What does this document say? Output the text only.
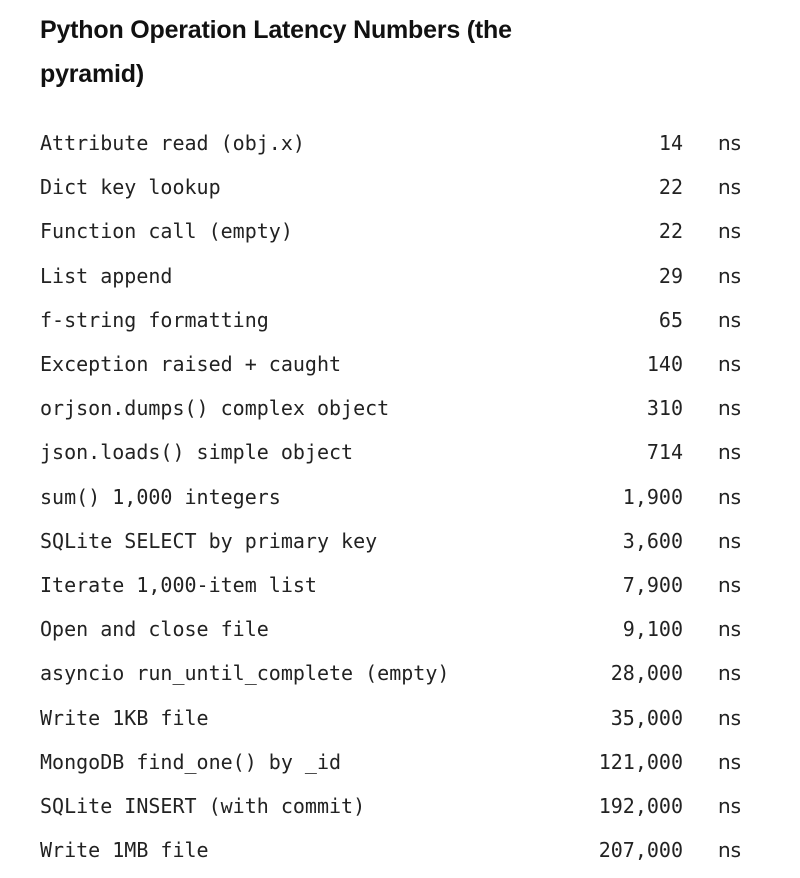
Python Operation Latency Numbers (the pyramid)
Attribute read (obj.x)	14 ns
Dict key lookup	22 ns
Function call (empty)	22 ns
List append	29 ns
f-string formatting	65 ns
Exception raised + caught	140 ns
orjson.dumps() complex object	310 ns
json.loads() simple object	714 ns
sum() 1,000 integers	1,900 ns
SQLite SELECT by primary key	3,600 ns
Iterate 1,000-item list	7,900 ns
Open and close file	9,100 ns
asyncio run_until_complete (empty)	28,000 ns
Write 1KB file	35,000 ns
MongoDB find_one() by _id	121,000 ns
SQLite INSERT (with commit)	192,000 ns
Write 1MB file	207,000 ns
